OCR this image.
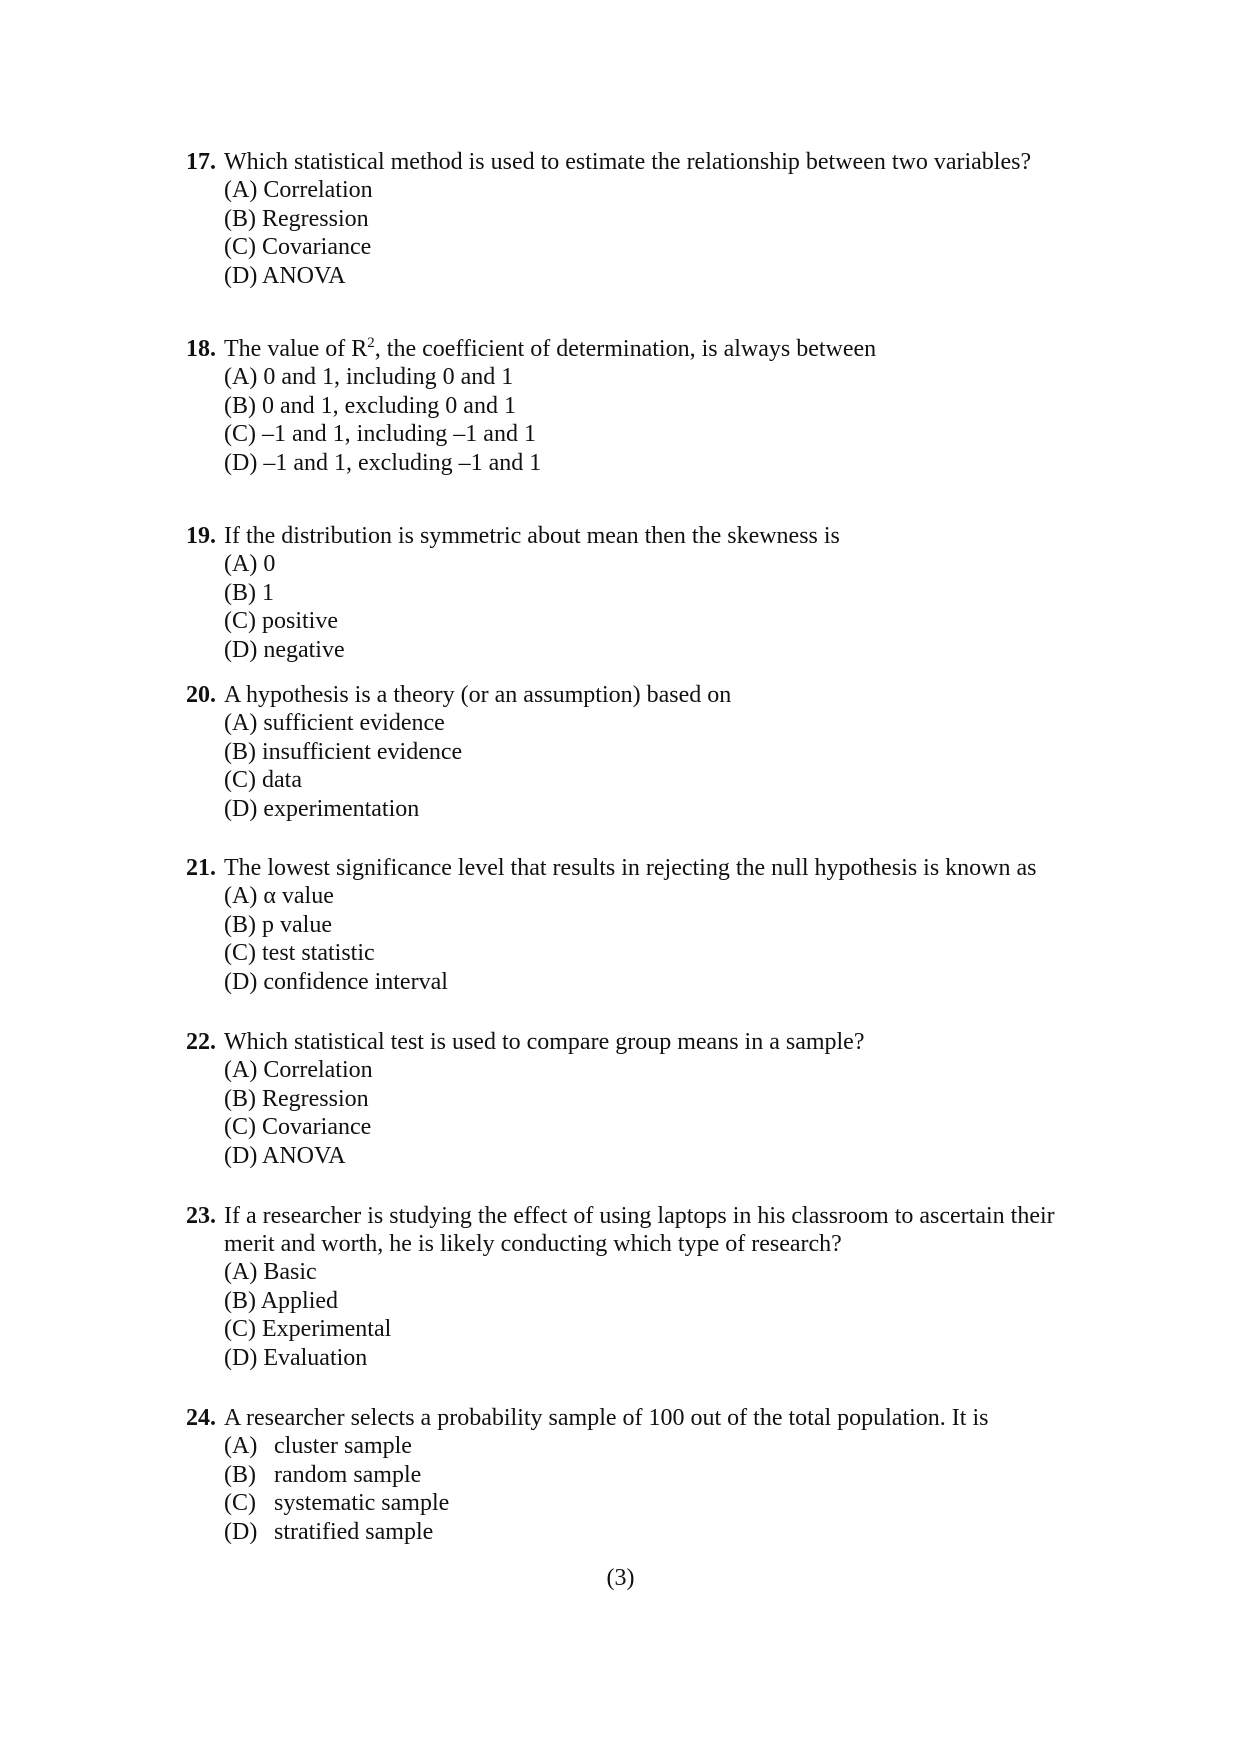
17. Which statistical method is used to estimate the relationship between two variables?
(A) Correlation
(B) Regression
(C) Covariance
(D) ANOVA
18. The value of $R^2$, the coefficient of determination, is always between
(A) 0 and 1, including 0 and 1
(B) 0 and 1, excluding 0 and 1
(C) –1 and 1, including –1 and 1
(D) –1 and 1, excluding –1 and 1
19. If the distribution is symmetric about mean then the skewness is
(A) 0
(B) 1
(C) positive
(D) negative
20. A hypothesis is a theory (or an assumption) based on
(A) sufficient evidence
(B) insufficient evidence
(C) data
(D) experimentation
21. The lowest significance level that results in rejecting the null hypothesis is known as
(A) α value
(B) p value
(C) test statistic
(D) confidence interval
22. Which statistical test is used to compare group means in a sample?
(A) Correlation
(B) Regression
(C) Covariance
(D) ANOVA
23. If a researcher is studying the effect of using laptops in his classroom to ascertain their
merit and worth, he is likely conducting which type of research?
(A) Basic
(B) Applied
(C) Experimental
(D) Evaluation
24. A researcher selects a probability sample of 100 out of the total population. It is
(A) cluster sample
(B) random sample
(C) systematic sample
(D) stratified sample
(3)
